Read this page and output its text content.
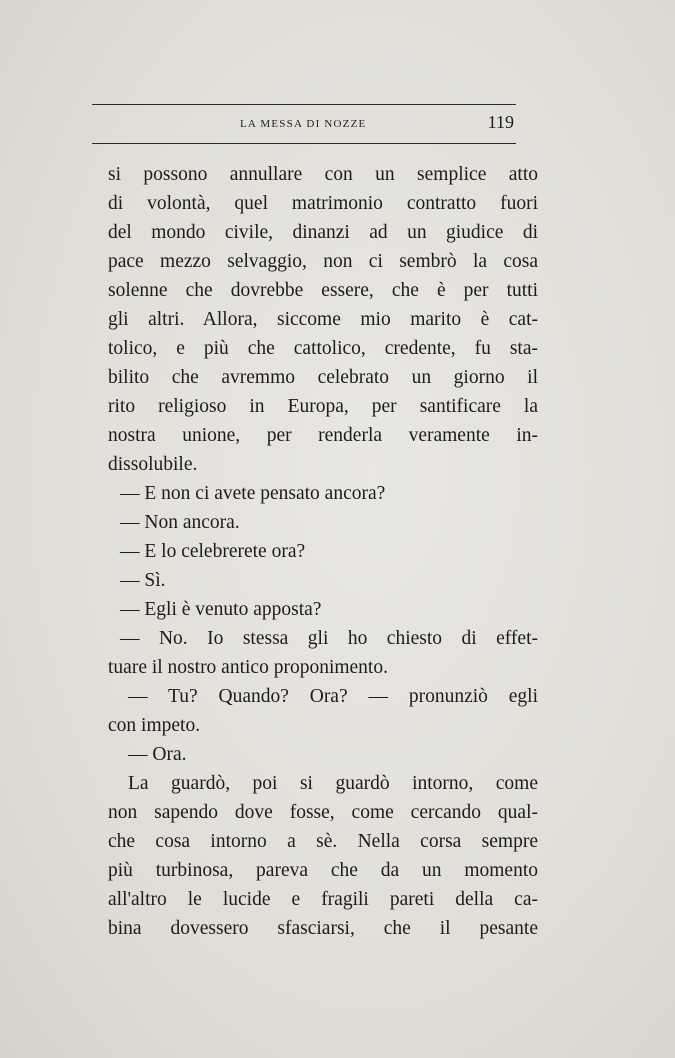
LA MESSA DI NOZZE	119
si possono annullare con un semplice atto
di volontà, quel matrimonio contratto fuori
del mondo civile, dinanzi ad un giudice di
pace mezzo selvaggio, non ci sembrò la cosa
solenne che dovrebbe essere, che è per tutti
gli altri. Allora, siccome mio marito è cat-
tolico, e più che cattolico, credente, fu sta-
bilito che avremmo celebrato un giorno il
rito religioso in Europa, per santificare la
nostra unione, per renderla veramente in-
dissolubile.
— E non ci avete pensato ancora?
— Non ancora.
— E lo celebrerete ora?
— Sì.
— Egli è venuto apposta?
— No. Io stessa gli ho chiesto di effet-
tuare il nostro antico proponimento.
— Tu? Quando? Ora? — pronunziò egli
con impeto.
— Ora.
La guardò, poi si guardò intorno, come
non sapendo dove fosse, come cercando qual-
che cosa intorno a sè. Nella corsa sempre
più turbinosa, pareva che da un momento
all'altro le lucide e fragili pareti della ca-
bina dovessero sfasciarsi, che il pesante
